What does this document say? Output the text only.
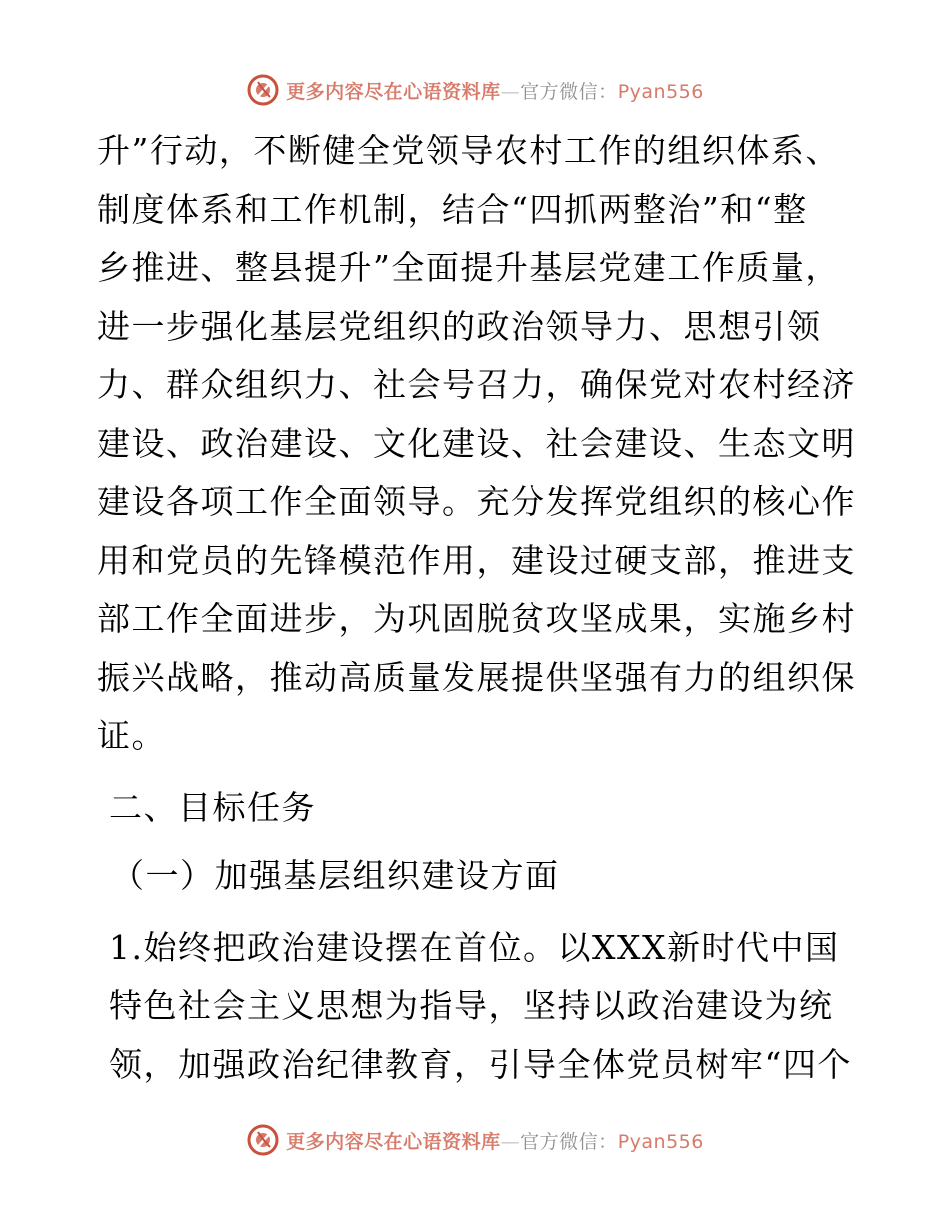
更多内容尽在心语资料库—官方微信：Pyan556

升”行动，不断健全党领导农村工作的组织体系、
制度体系和工作机制，结合“四抓两整治”和“整
乡推进、整县提升”全面提升基层党建工作质量，
进一步强化基层党组织的政治领导力、思想引领
力、群众组织力、社会号召力，确保党对农村经济
建设、政治建设、文化建设、社会建设、生态文明
建设各项工作全面领导。充分发挥党组织的核心作
用和党员的先锋模范作用，建设过硬支部，推进支
部工作全面进步，为巩固脱贫攻坚成果，实施乡村
振兴战略，推动高质量发展提供坚强有力的组织保
证。

二、目标任务
（一）加强基层组织建设方面

1.始终把政治建设摆在首位。以XXX新时代中国
特色社会主义思想为指导，坚持以政治建设为统
领，加强政治纪律教育，引导全体党员树牢“四个

更多内容尽在心语资料库—官方微信：Pyan556
